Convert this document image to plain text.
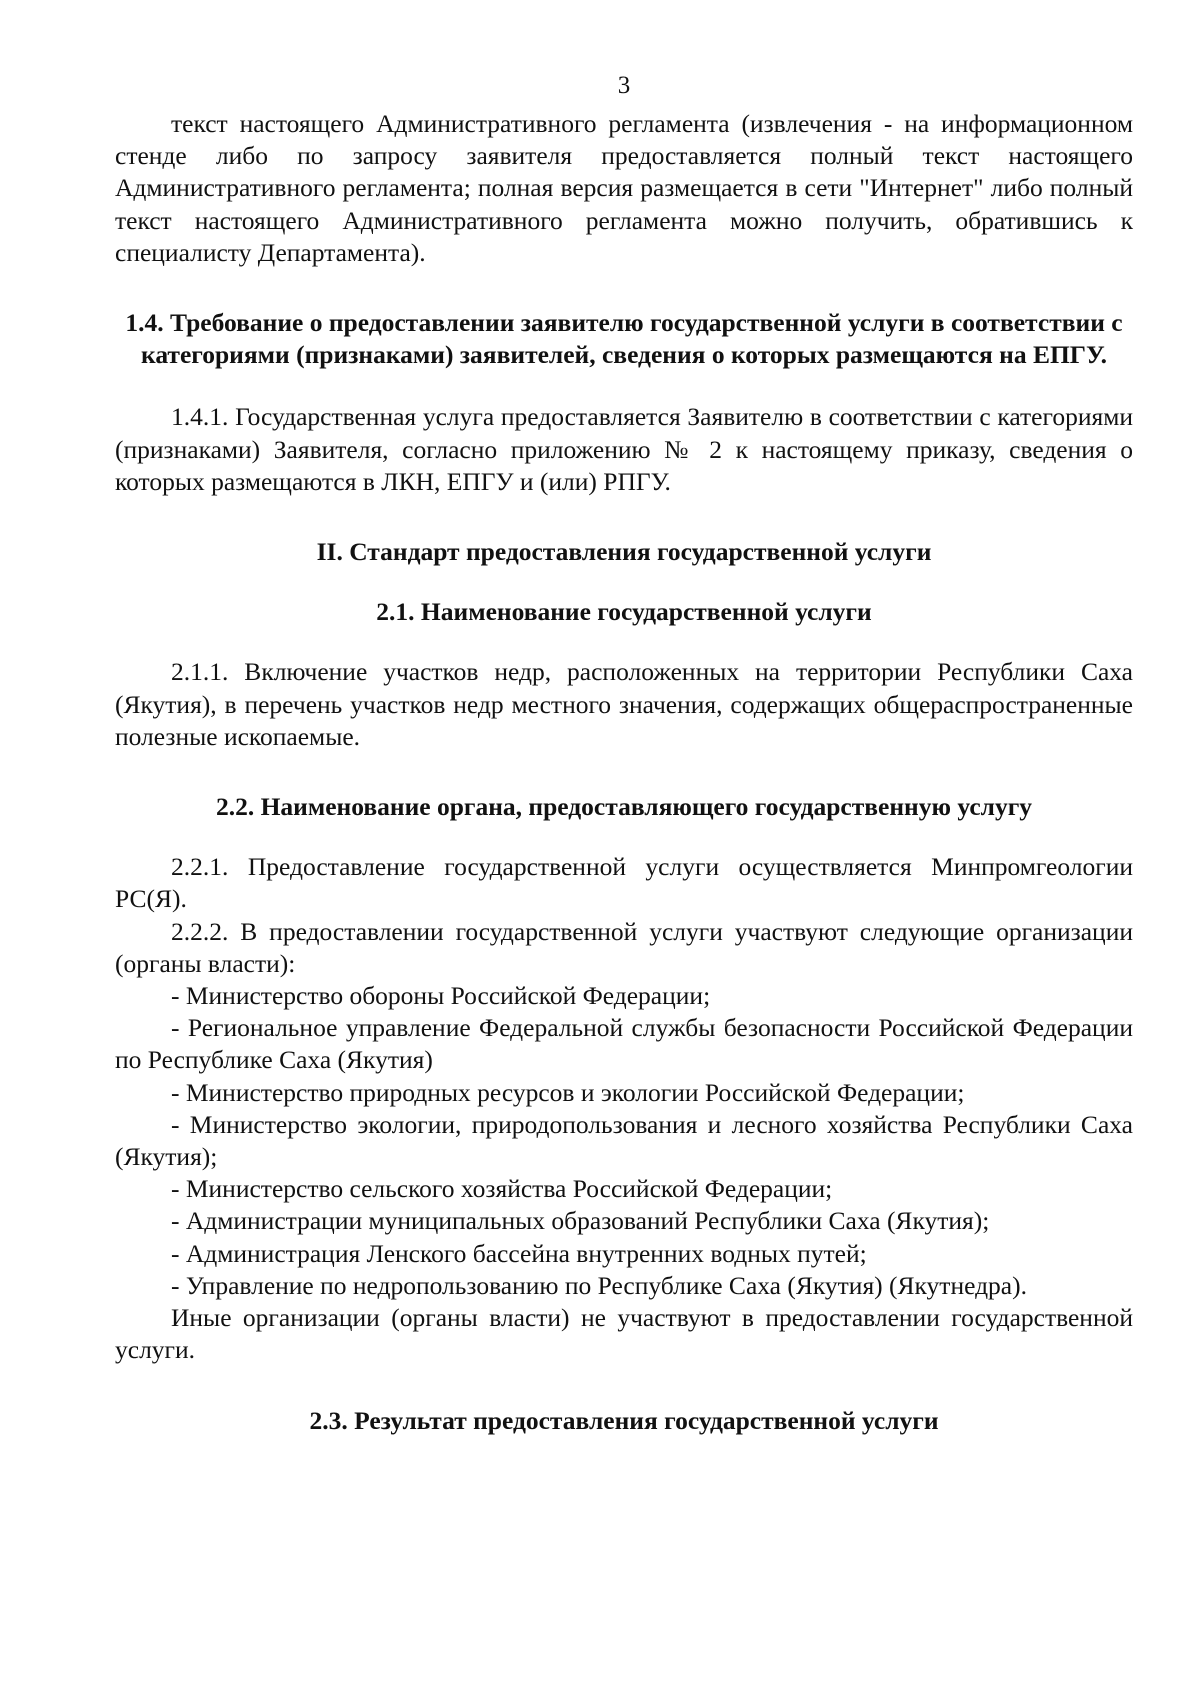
3

текст настоящего Административного регламента (извлечения - на информационном стенде либо по запросу заявителя предоставляется полный текст настоящего Административного регламента; полная версия размещается в сети "Интернет" либо полный текст настоящего Административного регламента можно получить, обратившись к специалисту Департамента).

1.4. Требование о предоставлении заявителю государственной услуги в соответствии с категориями (признаками) заявителей, сведения о которых размещаются на ЕПГУ.

1.4.1. Государственная услуга предоставляется Заявителю в соответствии с категориями (признаками) Заявителя, согласно приложению № 2 к настоящему приказу, сведения о которых размещаются в ЛКН, ЕПГУ и (или) РПГУ.

II. Стандарт предоставления государственной услуги
2.1. Наименование государственной услуги

2.1.1. Включение участков недр, расположенных на территории Республики Саха (Якутия), в перечень участков недр местного значения, содержащих общераспространенные полезные ископаемые.

2.2. Наименование органа, предоставляющего государственную услугу

2.2.1. Предоставление государственной услуги осуществляется Минпромгеологии РС(Я).

2.2.2. В предоставлении государственной услуги участвуют следующие организации (органы власти):

- Министерство обороны Российской Федерации;

- Региональное управление Федеральной службы безопасности Российской Федерации по Республике Саха (Якутия)

- Министерство природных ресурсов и экологии Российской Федерации;

- Министерство экологии, природопользования и лесного хозяйства Республики Саха (Якутия);

- Министерство сельского хозяйства Российской Федерации;

- Администрации муниципальных образований Республики Саха (Якутия);

- Администрация Ленского бассейна внутренних водных путей;

- Управление по недропользованию по Республике Саха (Якутия) (Якутнедра).

Иные организации (органы власти) не участвуют в предоставлении государственной услуги.

2.3. Результат предоставления государственной услуги
